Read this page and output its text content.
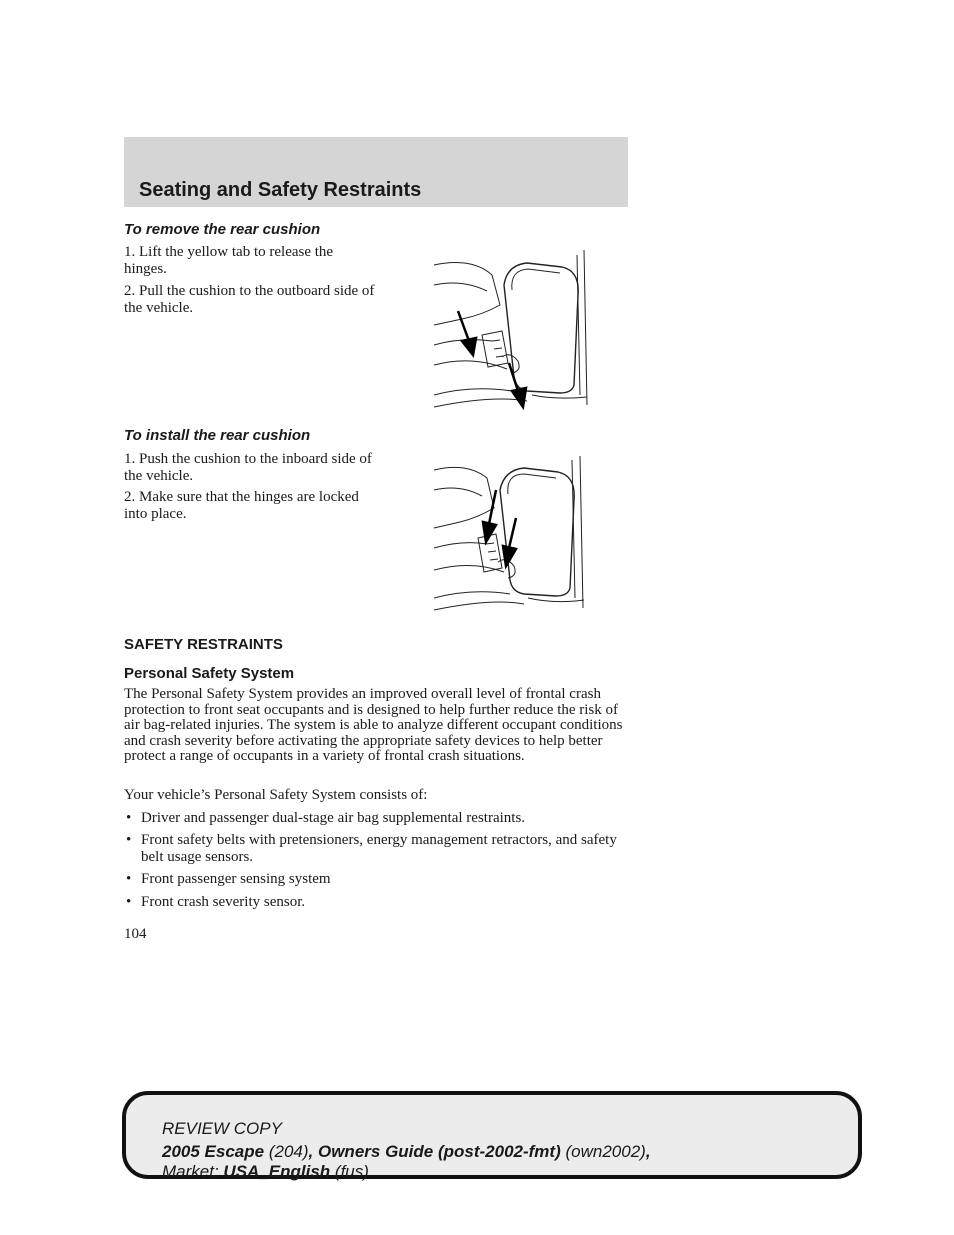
Seating and Safety Restraints

To remove the rear cushion

1. Lift the yellow tab to release the hinges.

2. Pull the cushion to the outboard side of the vehicle.

To install the rear cushion

1. Push the cushion to the inboard side of the vehicle.

2. Make sure that the hinges are locked into place.

SAFETY RESTRAINTS

Personal Safety System

The Personal Safety System provides an improved overall level of frontal crash protection to front seat occupants and is designed to help further reduce the risk of air bag-related injuries. The system is able to analyze different occupant conditions and crash severity before activating the appropriate safety devices to help better protect a range of occupants in a variety of frontal crash situations.

Your vehicle’s Personal Safety System consists of:

• Driver and passenger dual-stage air bag supplemental restraints.
• Front safety belts with pretensioners, energy management retractors, and safety belt usage sensors.
• Front passenger sensing system
• Front crash severity sensor.

104

REVIEW COPY

2005 Escape (204), Owners Guide (post-2002-fmt) (own2002),

Market: USA_English (fus)
